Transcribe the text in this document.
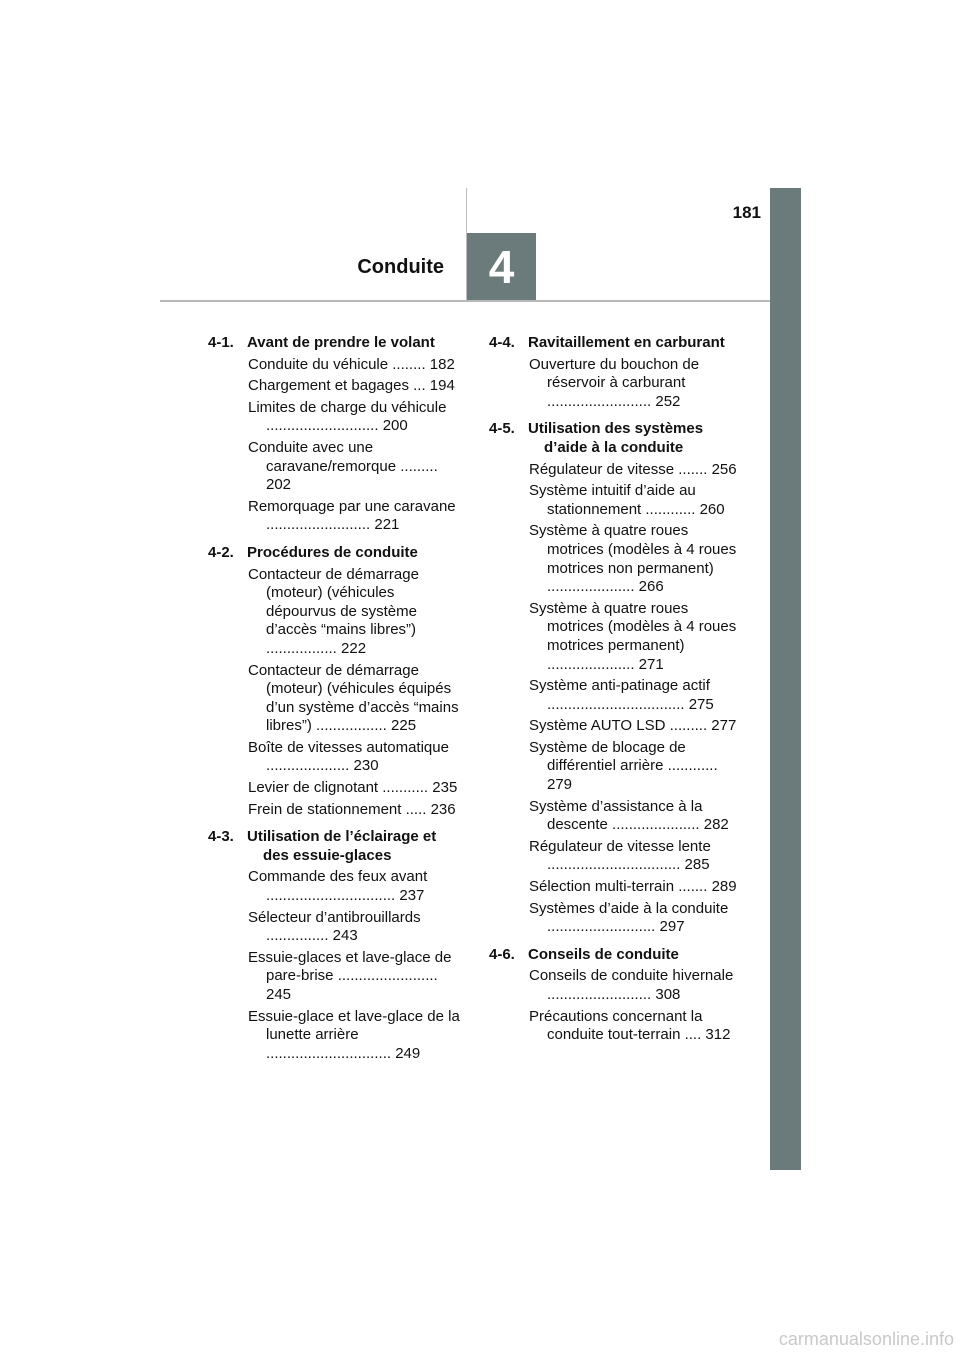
181
4
Conduite
4-1. Avant de prendre le volant
Conduite du véhicule ........ 182
Chargement et bagages ... 194
Limites de charge du véhicule ........................... 200
Conduite avec une caravane/remorque ......... 202
Remorquage par une caravane ......................... 221
4-2. Procédures de conduite
Contacteur de démarrage (moteur) (véhicules dépourvus de système d’accès “mains libres”) ................. 222
Contacteur de démarrage (moteur) (véhicules équipés d’un système d’accès “mains libres”) ................. 225
Boîte de vitesses automatique .................... 230
Levier de clignotant ........... 235
Frein de stationnement ..... 236
4-3. Utilisation de l’éclairage et des essuie-glaces
Commande des feux avant ............................... 237
Sélecteur d’antibrouillards ............... 243
Essuie-glaces et lave-glace de pare-brise ........................ 245
Essuie-glace et lave-glace de la lunette arrière .............................. 249
4-4. Ravitaillement en carburant
Ouverture du bouchon de réservoir à carburant ......................... 252
4-5. Utilisation des systèmes d’aide à la conduite
Régulateur de vitesse ....... 256
Système intuitif d’aide au stationnement ............ 260
Système à quatre roues motrices (modèles à 4 roues motrices non permanent) ..................... 266
Système à quatre roues motrices (modèles à 4 roues motrices permanent) ..................... 271
Système anti-patinage actif ................................. 275
Système AUTO LSD ......... 277
Système de blocage de différentiel arrière ............ 279
Système d’assistance à la descente ..................... 282
Régulateur de vitesse lente ................................ 285
Sélection multi-terrain ....... 289
Systèmes d’aide à la conduite .......................... 297
4-6. Conseils de conduite
Conseils de conduite hivernale ......................... 308
Précautions concernant la conduite tout-terrain .... 312
carmanualsonline.info
